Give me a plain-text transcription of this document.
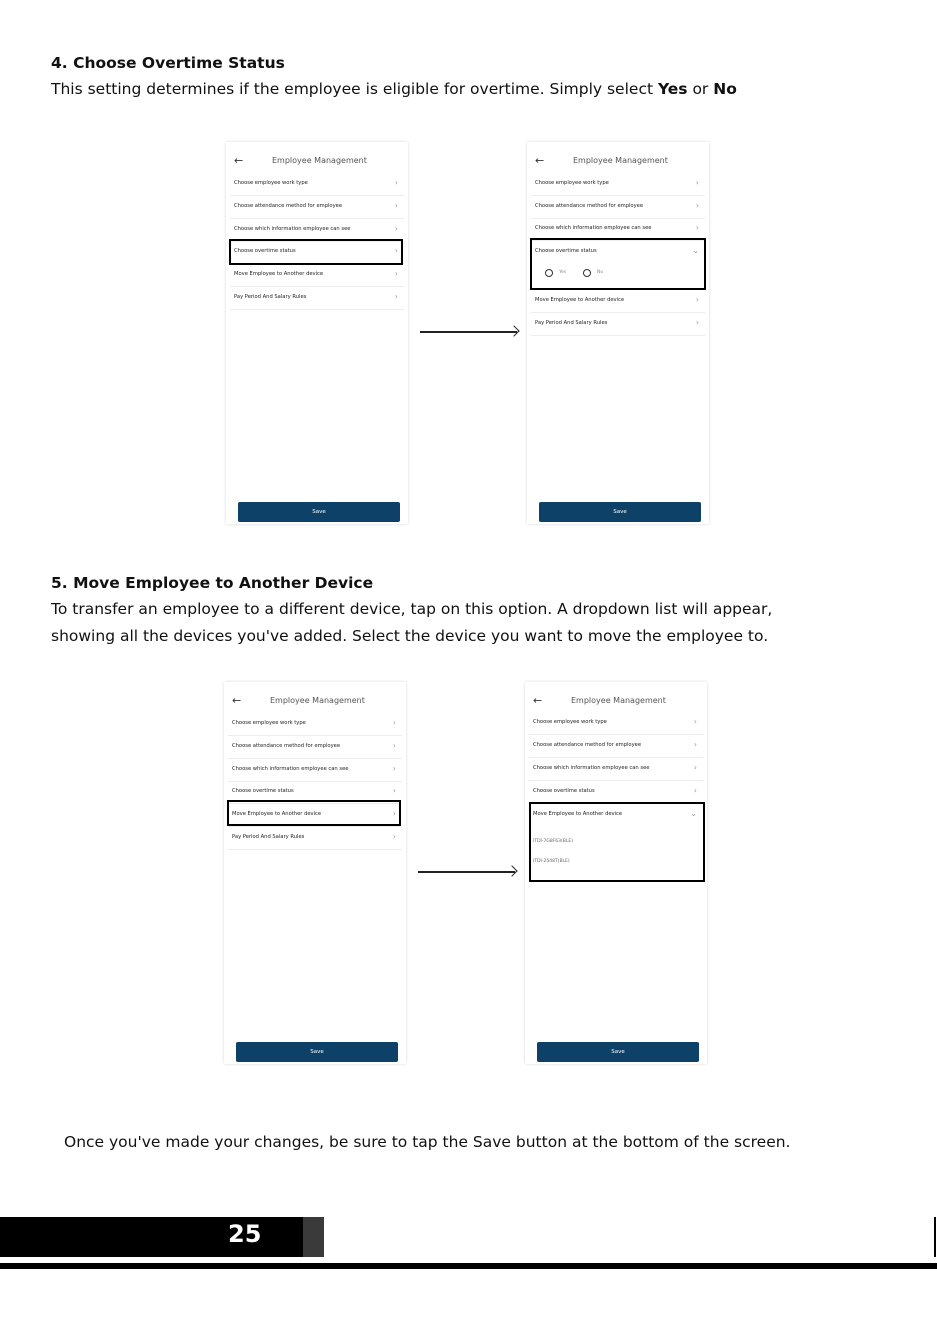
4. Choose Overtime Status

This setting determines if the employee is eligible for overtime. Simply select Yes or No

←	Employee Management
Choose employee work type	›
Choose attendance method for employee	›
Choose which information employee can see	›
Choose overtime status	›
Move Employee to Another device	›
Pay Period And Salary Rules	›
Save
←	Employee Management
Choose employee work type	›
Choose attendance method for employee	›
Choose which information employee can see	›
Choose overtime status	⌄
Yes	No
Move Employee to Another device	›
Pay Period And Salary Rules	›
Save
5. Move Employee to Another Device

To transfer an employee to a different device, tap on this option. A dropdown list will appear,

showing all the devices you've added. Select the device you want to move the employee to.

←	Employee Management
Choose employee work type	›
Choose attendance method for employee	›
Choose which information employee can see	›
Choose overtime status	›
Move Employee to Another device	›
Pay Period And Salary Rules	›
Save
←	Employee Management
Choose employee work type	›
Choose attendance method for employee	›
Choose which information employee can see	›
Choose overtime status	›
Move Employee to Another device	⌄
ITDI-7G8F63(BLE)
ITDI-2548T(BLE)
Save

Once you've made your changes, be sure to tap the Save button at the bottom of the screen.

25
